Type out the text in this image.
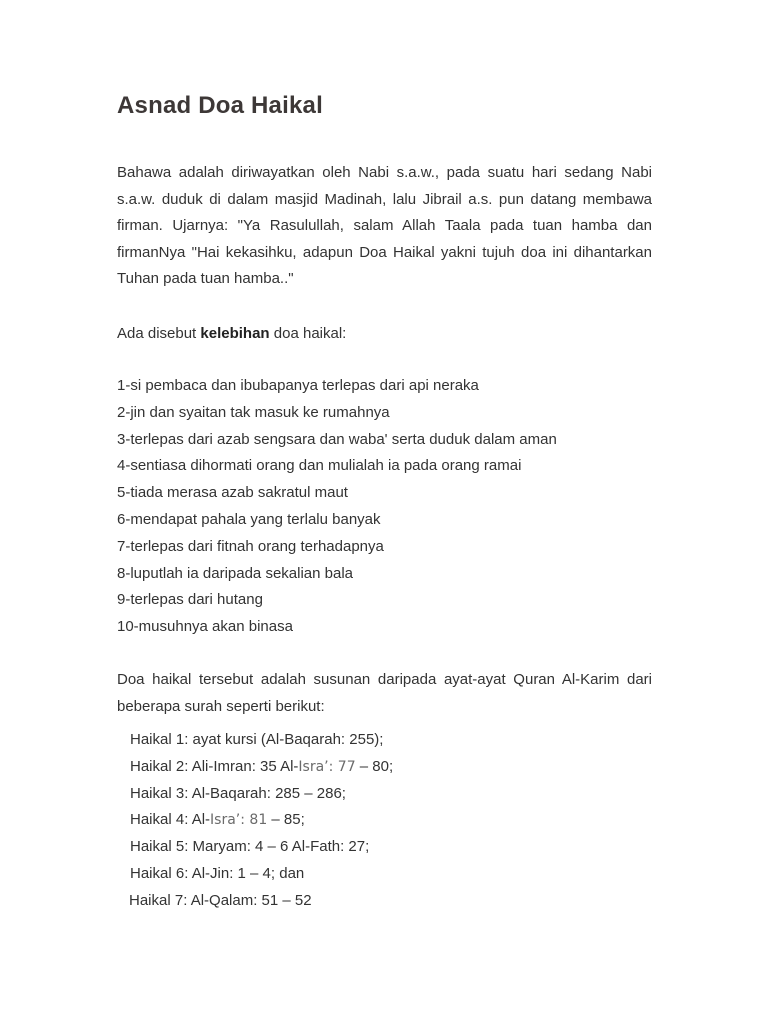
Asnad Doa Haikal

Bahawa adalah diriwayatkan oleh Nabi s.a.w., pada suatu hari sedang Nabi s.a.w. duduk di dalam masjid Madinah, lalu Jibrail a.s. pun datang membawa firman. Ujarnya: "Ya Rasulullah, salam Allah Taala pada tuan hamba dan firmanNya "Hai kekasihku, adapun Doa Haikal yakni tujuh doa ini dihantarkan Tuhan pada tuan hamba.."

Ada disebut kelebihan doa haikal:

1-si pembaca dan ibubapanya terlepas dari api neraka
2-jin dan syaitan tak masuk ke rumahnya
3-terlepas dari azab sengsara dan waba' serta duduk dalam aman
4-sentiasa dihormati orang dan mulialah ia pada orang ramai
5-tiada merasa azab sakratul maut
6-mendapat pahala yang terlalu banyak
7-terlepas dari fitnah orang terhadapnya
8-luputlah ia daripada sekalian bala
9-terlepas dari hutang
10-musuhnya akan binasa

Doa haikal tersebut adalah susunan daripada ayat-ayat Quran Al-Karim dari beberapa surah seperti berikut:

Haikal 1: ayat kursi (Al-Baqarah: 255);
Haikal 2: Ali-Imran: 35 Al-Isra’: 77 – 80;
Haikal 3: Al-Baqarah: 285 – 286;
Haikal 4: Al-Isra’: 81 – 85;
Haikal 5: Maryam: 4 – 6 Al-Fath: 27;
Haikal 6: Al-Jin: 1 – 4; dan
Haikal 7: Al-Qalam: 51 – 52
